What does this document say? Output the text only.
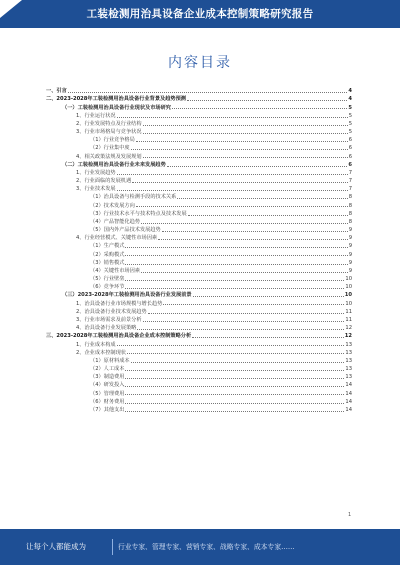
工装检测用治具设备企业成本控制策略研究报告
内容目录
一、引言	4
二、2023-2028年工装检测用治具设备行业背景及趋势预测	4
（一）工装检测用治具设备行业现状及市场研究	5
1、行业运行状况	5
2、行业发展特点及行业结构	5
3、行业市场格局与竞争状况	5
（1）行业竞争格局	6
（2）行业集中度	6
4、相关政策法规及发展规划	6
（二）工装检测用治具设备行业未来发展趋势	6
1、行业发展趋势	7
2、行业面临的发展机遇	7
3、行业技术发展	7
（1）治具设备与检测手段的技术关系	8
（2）技术发展方向	8
（3）行业技术水平与技术特点及技术发展	8
（4）产品智能化趋势	8
（5）国内外产品技术发展趋势	9
4、行业经营模式、关键性市场因素	9
（1）生产模式	9
（2）采购模式	9
（3）销售模式	9
（4）关键性市场因素	9
（5）行业壁垒	10
（6）竞争环节	10
（三）2023-2028年工装检测用治具设备行业发展前景	10
1、治具设备行业市场规模与增长趋势	10
2、治具设备行业技术发展趋势	11
3、行业市场需求及前景分析	11
4、治具设备行业发展策略	12
三、2023-2028年工装检测用治具设备企业成本控制策略分析	12
1、行业成本构成	13
2、企业成本控制现状	13
（1）原材料成本	13
（2）人工成本	13
（3）制造费用	13
（4）研发投入	14
（5）管理费用	14
（6）财务费用	14
（7）其他支出	14
1
让每个人都能成为	行业专家、管理专家、营销专家、战略专家、成本专家……
